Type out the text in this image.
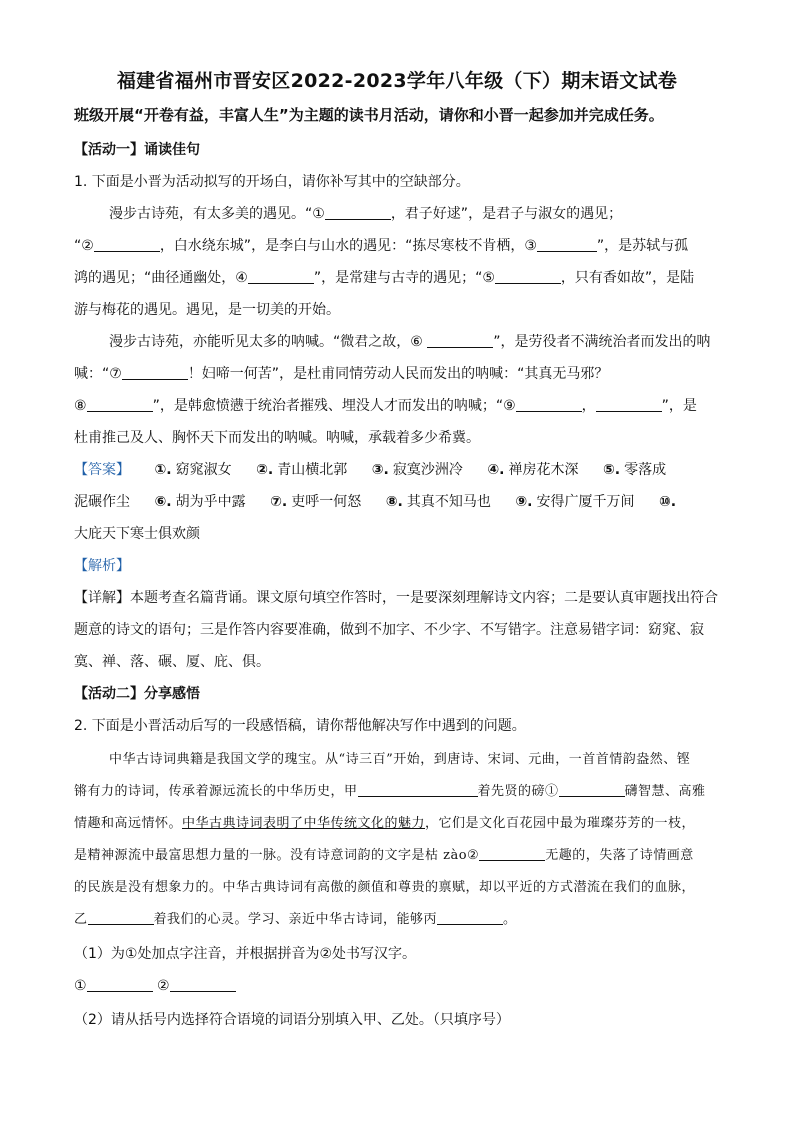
福建省福州市晋安区2022-2023学年八年级（下）期末语文试卷
班级开展“开卷有益，丰富人生”为主题的读书月活动，请你和小晋一起参加并完成任务。
【活动一】诵读佳句
1. 下面是小晋为活动拟写的开场白，请你补写其中的空缺部分。
漫步古诗苑，有太多美的遇见。“①	，君子好逑”，是君子与淑女的遇见；
“②	，白水绕东城”，是李白与山水的遇见：“拣尽寒枝不肯栖，③	”，是苏轼与孤
鸿的遇见；“曲径通幽处，④	”，是常建与古寺的遇见；“⑤	，只有香如故”，是陆
游与梅花的遇见。遇见，是一切美的开始。
漫步古诗苑，亦能听见太多的呐喊。“微君之故，⑥	”，是劳役者不满统治者而发出的呐
喊：“⑦	！妇啼一何苦”，是杜甫同情劳动人民而发出的呐喊：“其真无马邪？
⑧	”，是韩愈愤懑于统治者摧残、埋没人才而发出的呐喊；“⑨	，	”，是
杜甫推己及人、胸怀天下而发出的呐喊。呐喊，承载着多少希冀。
【答案】 ①. 窈窕淑女 ②. 青山横北郭 ③. 寂寞沙洲冷 ④. 禅房花木深 ⑤. 零落成
泥碾作尘 ⑥. 胡为乎中露 ⑦. 吏呼一何怒 ⑧. 其真不知马也 ⑨. 安得广厦千万间 ⑩.
大庇天下寒士俱欢颜
【解析】
【详解】本题考查名篇背诵。课文原句填空作答时，一是要深刻理解诗文内容；二是要认真审题找出符合
题意的诗文的语句；三是作答内容要准确，做到不加字、不少字、不写错字。注意易错字词：窈窕、寂
寞、禅、落、碾、厦、庇、俱。
【活动二】分享感悟
2. 下面是小晋活动后写的一段感悟稿，请你帮他解决写作中遇到的问题。
中华古诗词典籍是我国文学的瑰宝。从“诗三百”开始，到唐诗、宋词、元曲，一首首情韵盎然、铿
锵有力的诗词，传承着源远流长的中华历史，甲	着先贤的磅①	礴智慧、高雅
情趣和高远情怀。中华古典诗词表明了中华传统文化的魅力，它们是文化百花园中最为璀璨芬芳的一枝，
是精神源流中最富思想力量的一脉。没有诗意词韵的文字是枯 zào②	无趣的，失落了诗情画意
的民族是没有想象力的。中华古典诗词有高傲的颜值和尊贵的禀赋，却以平近的方式潜流在我们的血脉，
乙	着我们的心灵。学习、亲近中华古诗词，能够丙	。
（1）为①处加点字注音，并根据拼音为②处书写汉字。
①	②
（2）请从括号内选择符合语境的词语分别填入甲、乙处。（只填序号）
